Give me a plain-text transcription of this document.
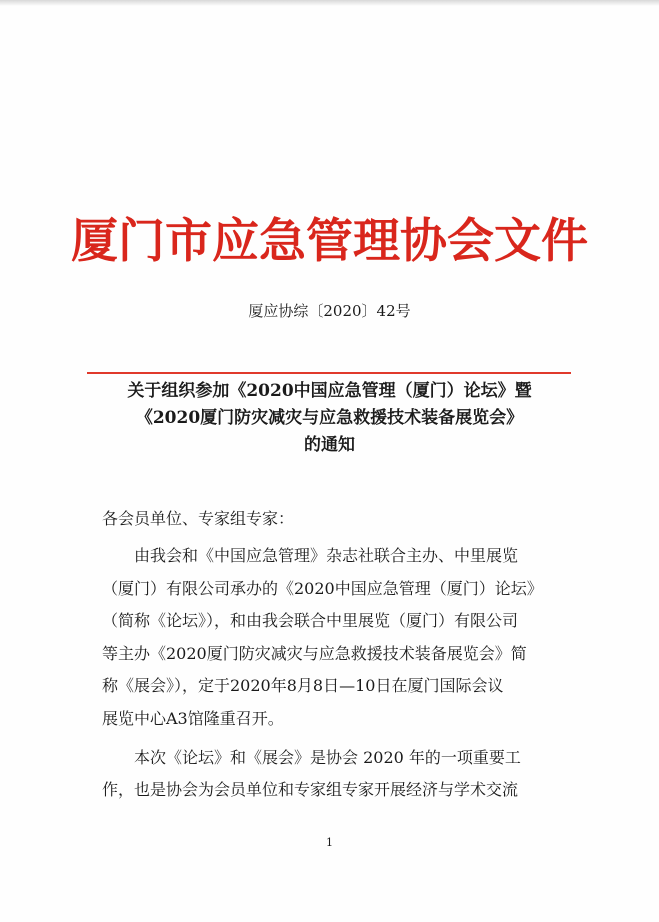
厦门市应急管理协会文件
厦应协综〔2020〕42号
关于组织参加《2020中国应急管理（厦门）论坛》暨
《2020厦门防灾减灾与应急救援技术装备展览会》
的通知
各会员单位、专家组专家：
由我会和《中国应急管理》杂志社联合主办、中里展览
（厦门）有限公司承办的《2020中国应急管理（厦门）论坛》
（简称《论坛》），和由我会联合中里展览（厦门）有限公司
等主办《2020厦门防灾减灾与应急救援技术装备展览会》简
称《展会》），定于2020年8月8日—10日在厦门国际会议
展览中心A3馆隆重召开。
本次《论坛》和《展会》是协会 2020 年的一项重要工
作，也是协会为会员单位和专家组专家开展经济与学术交流
1
